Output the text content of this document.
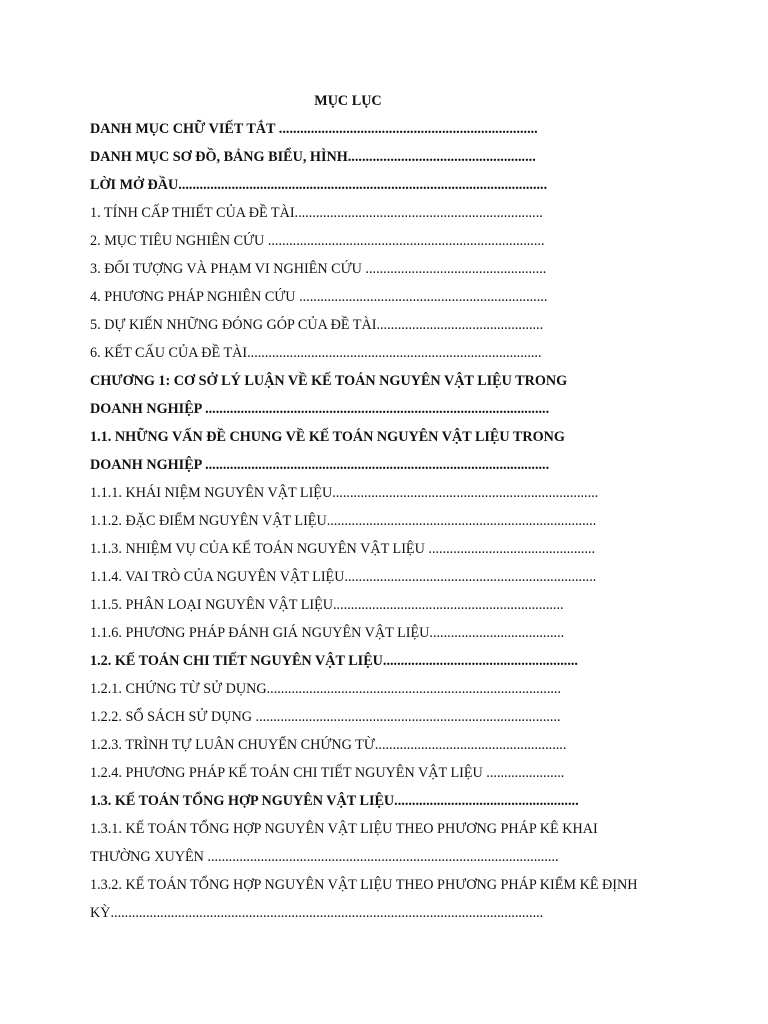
MỤC LỤC
DANH MỤC CHỮ VIẾT TẮT .........................................................................
DANH MỤC SƠ ĐỒ, BẢNG BIỂU, HÌNH.....................................................
LỜI MỞ ĐẦU........................................................................................................
1. TÍNH CẤP THIẾT CỦA ĐỀ TÀI......................................................................
2. MỤC TIÊU NGHIÊN CỨU ..............................................................................
3. ĐỐI TƯỢNG VÀ PHẠM VI NGHIÊN CỨU ...................................................
4. PHƯƠNG PHÁP NGHIÊN CỨU ......................................................................
5. DỰ KIẾN NHỮNG ĐÓNG GÓP CỦA ĐỀ TÀI...............................................
6. KẾT CẤU CỦA ĐỀ TÀI...................................................................................
CHƯƠNG 1: CƠ SỞ LÝ LUẬN VỀ KẾ TOÁN NGUYÊN VẬT LIỆU TRONG
DOANH NGHIỆP .................................................................................................
1.1. NHỮNG VẤN ĐỀ CHUNG VỀ KẾ TOÁN NGUYÊN VẬT LIỆU TRONG
DOANH NGHIỆP .................................................................................................
1.1.1. KHÁI NIỆM NGUYÊN VẬT LIỆU...........................................................................
1.1.2. ĐẶC ĐIỂM NGUYÊN VẬT LIỆU............................................................................
1.1.3. NHIỆM VỤ CỦA KẾ TOÁN NGUYÊN VẬT LIỆU ...............................................
1.1.4. VAI TRÒ CỦA NGUYÊN VẬT LIỆU.......................................................................
1.1.5. PHÂN LOẠI NGUYÊN VẬT LIỆU.................................................................
1.1.6. PHƯƠNG PHÁP ĐÁNH GIÁ NGUYÊN VẬT LIỆU......................................
1.2. KẾ TOÁN CHI TIẾT NGUYÊN VẬT LIỆU.......................................................
1.2.1. CHỨNG TỪ SỬ DỤNG...................................................................................
1.2.2. SỔ SÁCH SỬ DỤNG ......................................................................................
1.2.3. TRÌNH TỰ LUÂN CHUYỂN CHỨNG TỪ......................................................
1.2.4. PHƯƠNG PHÁP KẾ TOÁN CHI TIẾT NGUYÊN VẬT LIỆU ......................
1.3. KẾ TOÁN TỔNG HỢP NGUYÊN VẬT LIỆU....................................................
1.3.1. KẾ TOÁN TỔNG HỢP NGUYÊN VẬT LIỆU THEO PHƯƠNG PHÁP KÊ KHAI
THƯỜNG XUYÊN ...................................................................................................
1.3.2. KẾ TOÁN TỔNG HỢP NGUYÊN VẬT LIỆU THEO PHƯƠNG PHÁP KIỂM KÊ ĐỊNH
KỲ..........................................................................................................................
